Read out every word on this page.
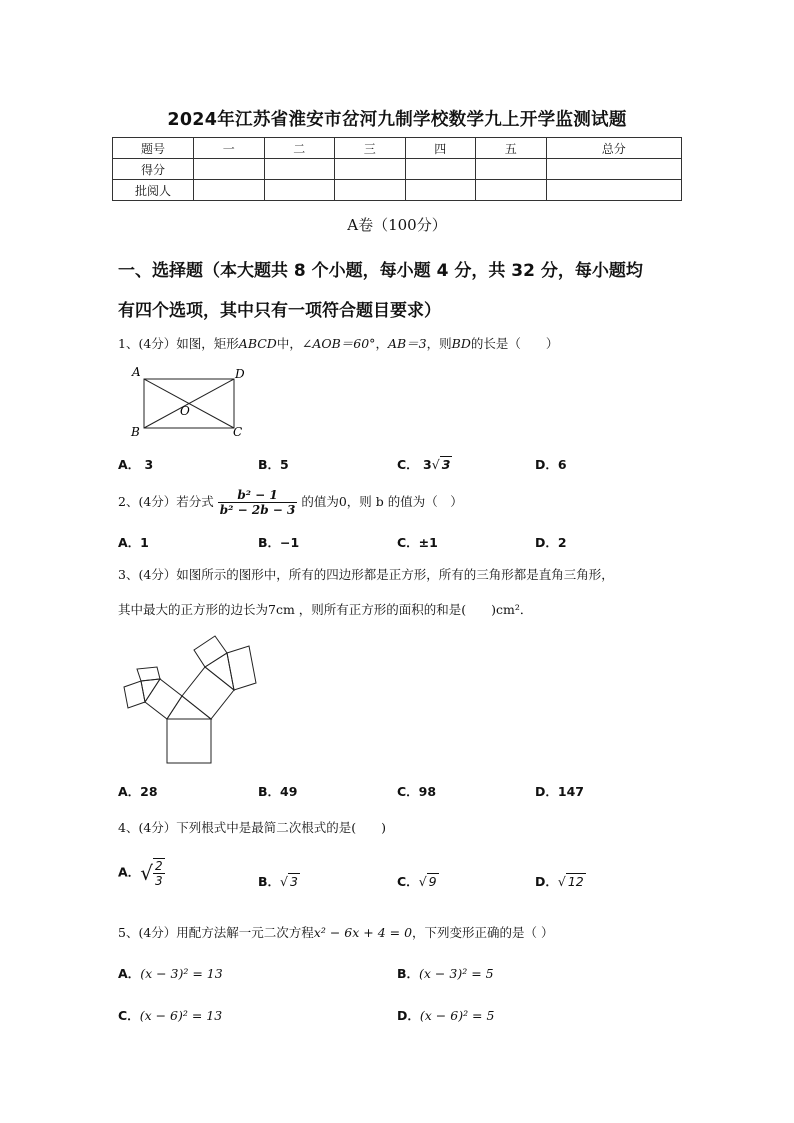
2024年江苏省淮安市岔河九制学校数学九上开学监测试题
题号	一	二	三	四	五	总分
得分						
批阅人						
A卷（100分）
一、选择题（本大题共 8 个小题，每小题 4 分，共 32 分，每小题均
有四个选项，其中只有一项符合题目要求）
1、(4分）如图，矩形ABCD中，∠AOB＝60°，AB＝3，则BD的长是（　　）
A	D
B	C
O
A． 3	B．5	C． 3√ 3	D．6
2、(4分）若分式 $\frac{\text{b² − 1}}{\text{b² − 2b − 3}}$ 的值为0，则 b 的值为（　）
A．1	B．−1	C．±1	D．2
3、(4分）如图所示的图形中，所有的四边形都是正方形，所有的三角形都是直角三角形，
其中最大的正方形的边长为7cm ，则所有正方形的面积的和是(　　)cm²．
A．28	B．49	C．98	D．147
4、(4分）下列根式中是最简二次根式的是(　　)
A．√ $\frac{2}{3}$	B．√ 3	C．√ 9	D．√ 12
5、(4分）用配方法解一元二次方程x² − 6x + 4 = 0，下列变形正确的是（ ）
A．(x − 3)² = 13	B．(x − 3)² = 5
C．(x − 6)² = 13	D．(x − 6)² = 5
